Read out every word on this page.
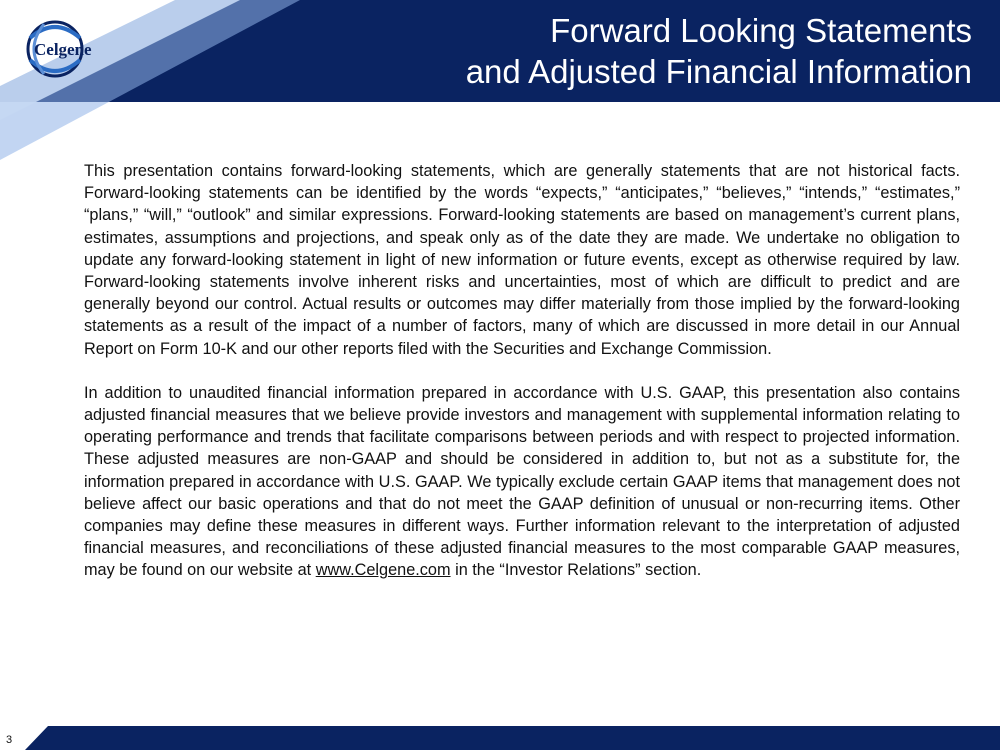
Celgene
Forward Looking Statements
and Adjusted Financial Information

This presentation contains forward-looking statements, which are generally statements that are not historical facts. Forward-looking statements can be identified by the words “expects,” “anticipates,” “believes,” “intends,” “estimates,” “plans,” “will,” “outlook” and similar expressions. Forward-looking statements are based on management’s current plans, estimates, assumptions and projections, and speak only as of the date they are made. We undertake no obligation to update any forward-looking statement in light of new information or future events, except as otherwise required by law. Forward-looking statements involve inherent risks and uncertainties, most of which are difficult to predict and are generally beyond our control. Actual results or outcomes may differ materially from those implied by the forward-looking statements as a result of the impact of a number of factors, many of which are discussed in more detail in our Annual Report on Form 10-K and our other reports filed with the Securities and Exchange Commission.

In addition to unaudited financial information prepared in accordance with U.S. GAAP, this presentation also contains adjusted financial measures that we believe provide investors and management with supplemental information relating to operating performance and trends that facilitate comparisons between periods and with respect to projected information. These adjusted measures are non-GAAP and should be considered in addition to, but not as a substitute for, the information prepared in accordance with U.S. GAAP. We typically exclude certain GAAP items that management does not believe affect our basic operations and that do not meet the GAAP definition of unusual or non-recurring items. Other companies may define these measures in different ways. Further information relevant to the interpretation of adjusted financial measures, and reconciliations of these adjusted financial measures to the most comparable GAAP measures, may be found on our website at www.Celgene.com in the “Investor Relations” section.

3
